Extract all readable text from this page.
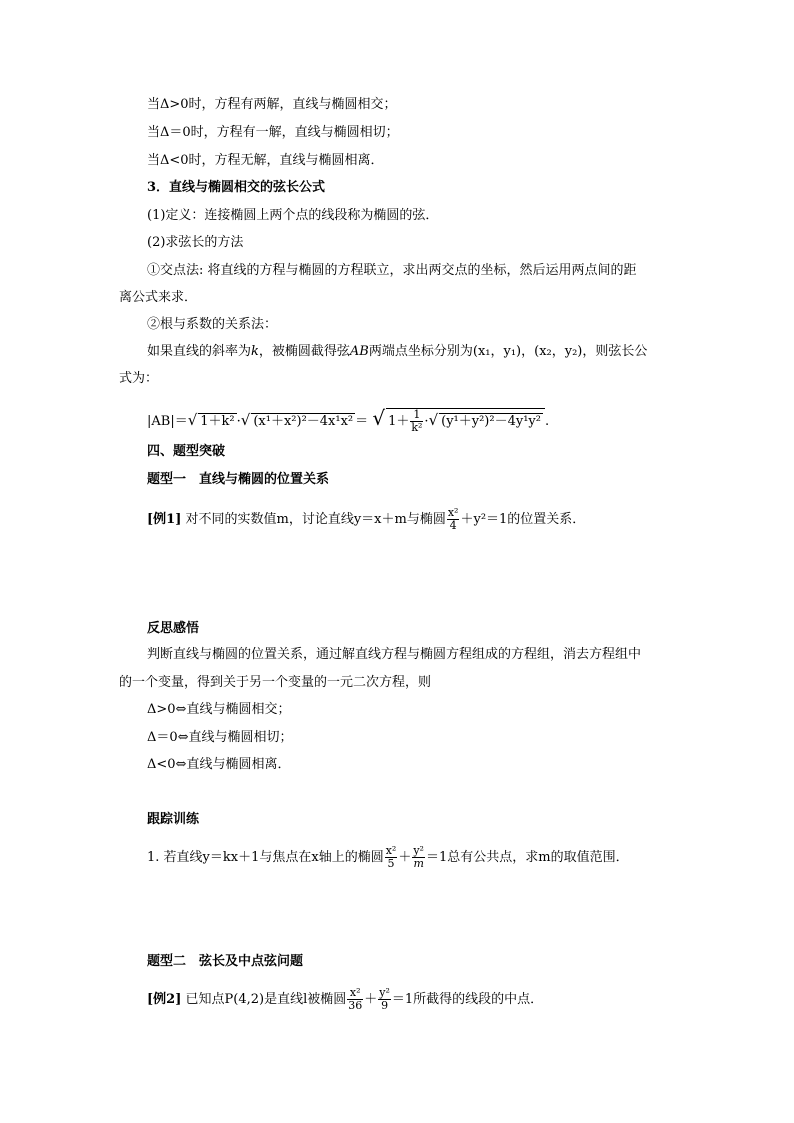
当Δ>0时，方程有两解，直线与椭圆相交；
当Δ＝0时，方程有一解，直线与椭圆相切；
当Δ<0时，方程无解，直线与椭圆相离．
3．直线与椭圆相交的弦长公式
(1)定义：连接椭圆上两个点的线段称为椭圆的弦．
(2)求弦长的方法
①交点法: 将直线的方程与椭圆的方程联立，求出两交点的坐标，然后运用两点间的距
离公式来求．
②根与系数的关系法：
如果直线的斜率为k，被椭圆截得弦AB两端点坐标分别为(x₁，y₁)，(x₂，y₂)，则弦长公
式为：
|AB|＝√ 1＋k² ·√ (x¹＋x²)²－4x¹x² ＝ √ $1+ \frac{1}{\text{k²}}$ ·√ (y¹＋y²)²－4y¹y² .
四、题型突破
题型一　直线与椭圆的位置关系
[例1] 对不同的实数值m，讨论直线y＝x＋m与椭圆 $\frac{\text{x²}}{4} +y^2=1$的位置关系．
反思感悟
判断直线与椭圆的位置关系，通过解直线方程与椭圆方程组成的方程组，消去方程组中
的一个变量，得到关于另一个变量的一元二次方程，则
Δ>0⇔直线与椭圆相交；
Δ＝0⇔直线与椭圆相切；
Δ<0⇔直线与椭圆相离．
跟踪训练
1. 若直线y＝kx＋1与焦点在x轴上的椭圆 $\frac{\text{x²}}{5} + \frac{\text{y²}}{m} =1$总有公共点，求m的取值范围．
题型二　弦长及中点弦问题
[例2] 已知点P(4,2)是直线l被椭圆 $\frac{\text{x²}}{36} + \frac{\text{y²}}{9} =1$所截得的线段的中点．
